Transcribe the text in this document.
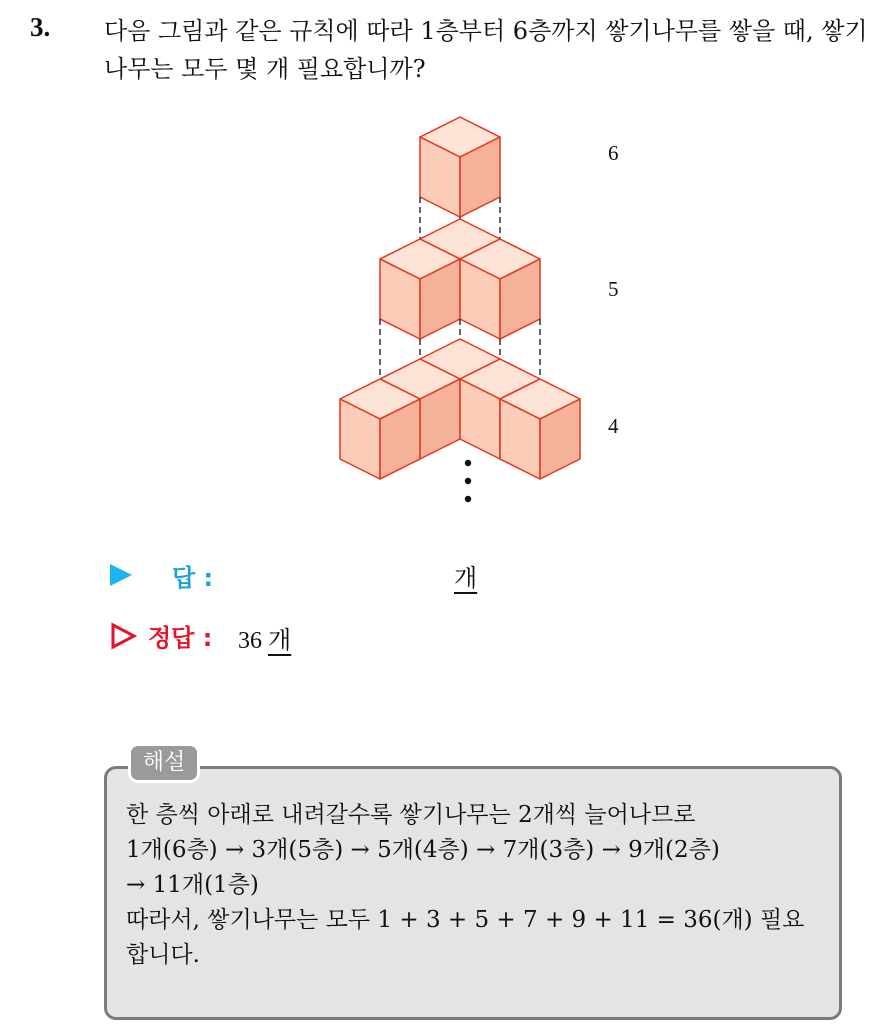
3. 다음 그림과 같은 규칙에 따라 1층부터 6층까지 쌓기나무를 쌓을 때, 쌓기나무는 모두 몇 개 필요합니까?

6
5
4
답 :	개
정답 : 36 개
해설
한 층씩 아래로 내려갈수록 쌓기나무는 2개씩 늘어나므로
1개(6층) → 3개(5층) → 5개(4층) → 7개(3층) → 9개(2층)
→ 11개(1층)
따라서, 쌓기나무는 모두 1 + 3 + 5 + 7 + 9 + 11 = 36(개) 필요
합니다.
